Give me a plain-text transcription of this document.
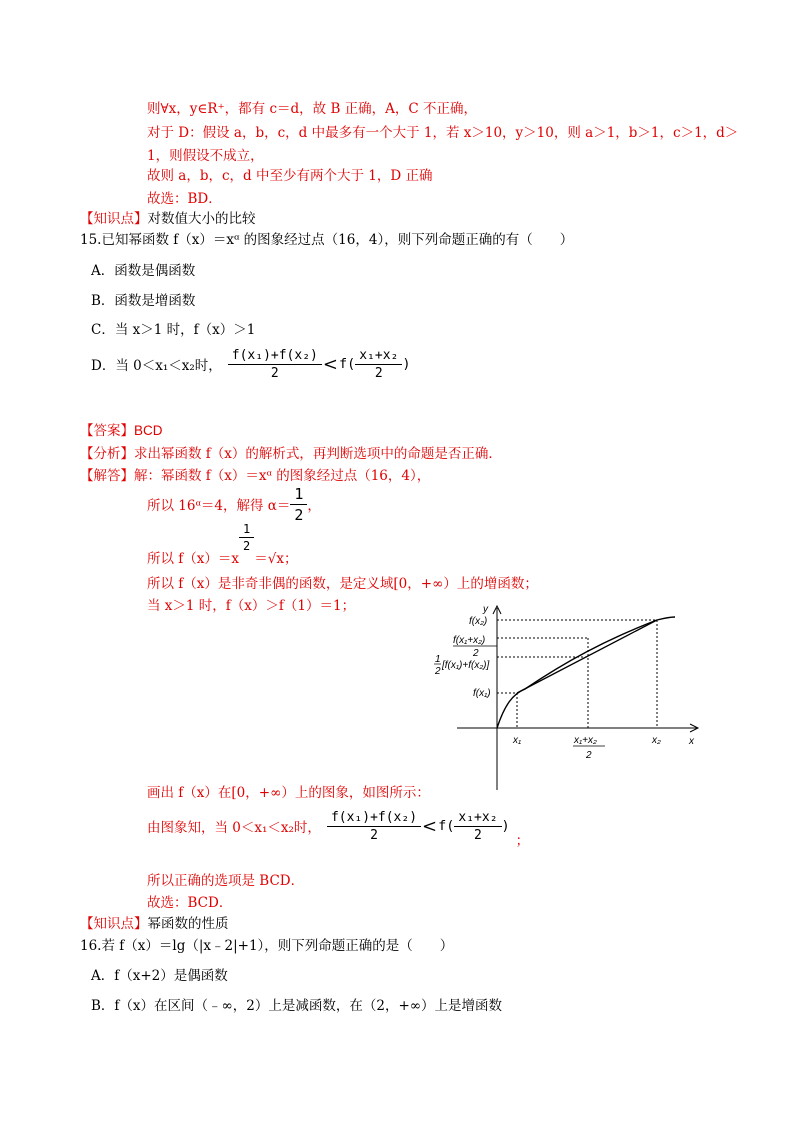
则∀x，y∈R⁺，都有 c＝d，故 B 正确，A，C 不正确，
对于 D：假设 a，b，c，d 中最多有一个大于 1，若 x＞10，y＞10，则 a＞1，b＞1，c＞1，d＞
1，则假设不成立，
故则 a，b，c，d 中至少有两个大于 1，D 正确
故选：BD．
【知识点】对数值大小的比较
15.已知幂函数 f（x）＝xᵅ 的图象经过点（16，4），则下列命题正确的有（　　）
A．函数是偶函数
B．函数是增函数
C．当 x＞1 时，f（x）＞1
D．当 0＜x₁＜x₂时， $\frac{\text{f(x₁)+f(x₂)}}{2} < f( \frac{\text{x₁+x₂}}{2}$ )
【答案】BCD
【分析】求出幂函数 f（x）的解析式，再判断选项中的命题是否正确．
【解答】解：幂函数 f（x）＝xᵅ 的图象经过点（16，4），
所以 16ᵅ＝4，解得 $\alpha= \frac{1}{2}$ ，
所以 f（x）＝x
$\frac{1}{2}$
＝√x；
所以 f（x）是非奇非偶的函数，是定义域[0，+∞）上的增函数；
当 x＞1 时，f（x）＞f（1）＝1；	y
x
f(x₂)
f(x₁+x₂)
2
1
2
[f(x₁)+f(x₂)]
f(x₁)
x₁	x₁+x₂
2
x₂
画出 f（x）在[0，+∞）上的图象，如图所示：
由图象知，当 0＜x₁＜x₂时， $\frac{\text{f(x₁)+f(x₂)}}{2} < f( \frac{\text{x₁+x₂}}{2}$ )
；
所以正确的选项是 BCD．
故选：BCD．
【知识点】幂函数的性质
16.若 f（x）＝lg（|x﹣2|+1），则下列命题正确的是（　　）
A．f（x+2）是偶函数
B．f（x）在区间（﹣∞，2）上是减函数，在（2，+∞）上是增函数
